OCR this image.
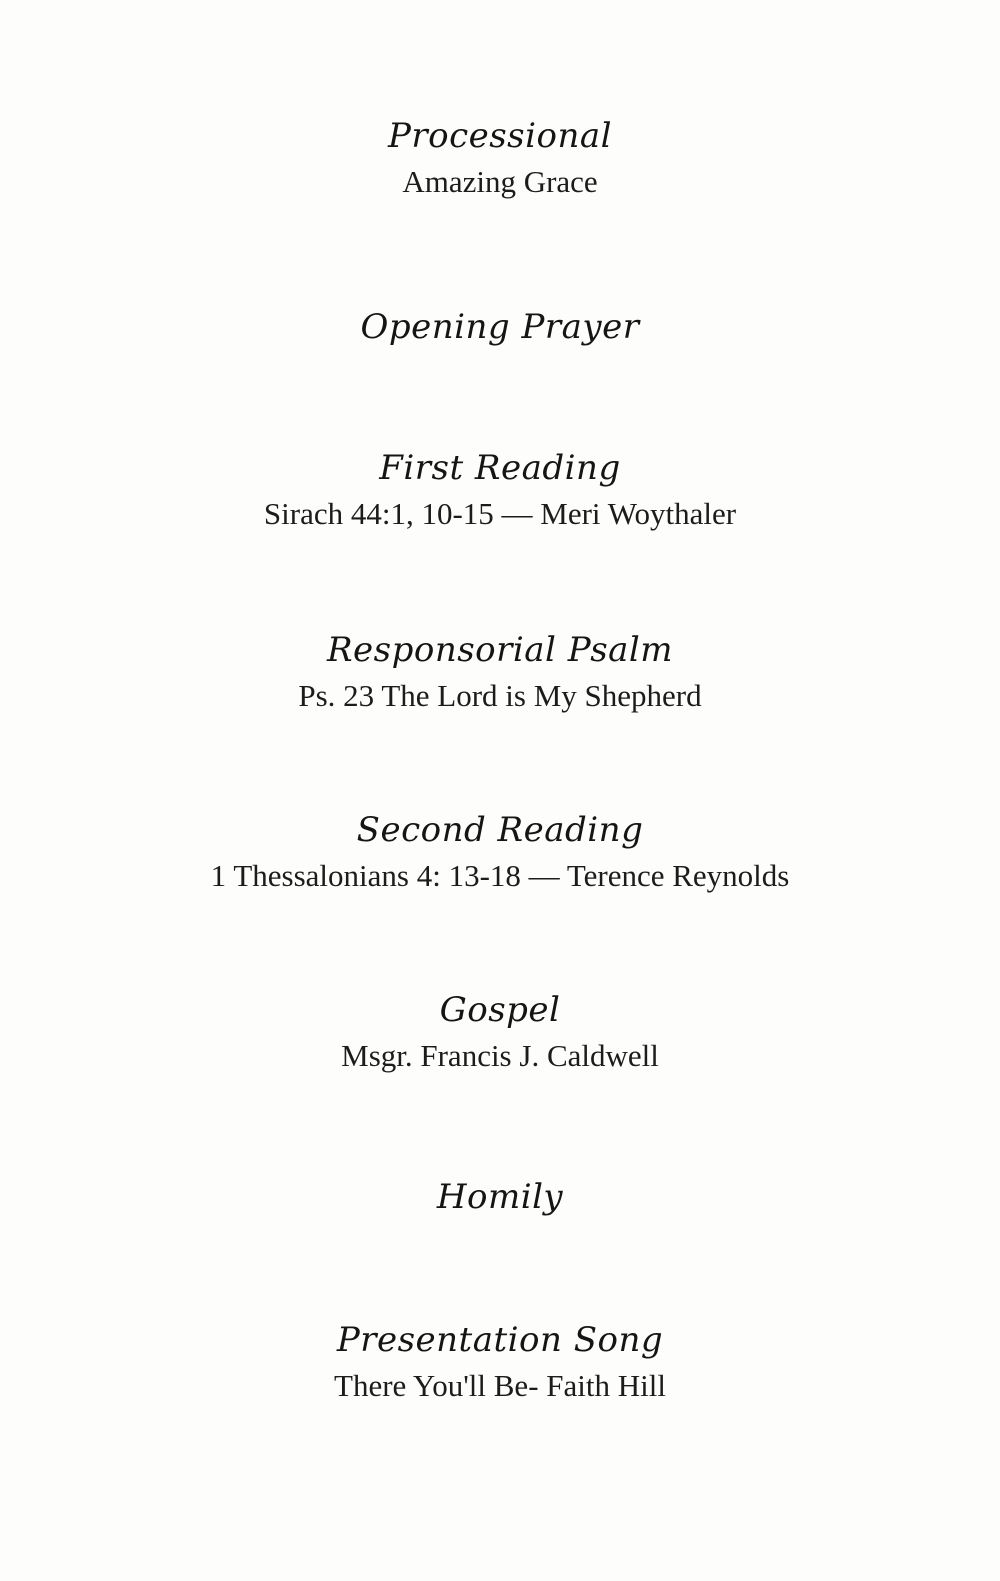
Processional
Amazing Grace
Opening Prayer
First Reading
Sirach 44:1, 10-15 — Meri Woythaler
Responsorial Psalm
Ps. 23 The Lord is My Shepherd
Second Reading
1 Thessalonians 4: 13-18 — Terence Reynolds
Gospel
Msgr. Francis J. Caldwell
Homily
Presentation Song
There You'll Be- Faith Hill
